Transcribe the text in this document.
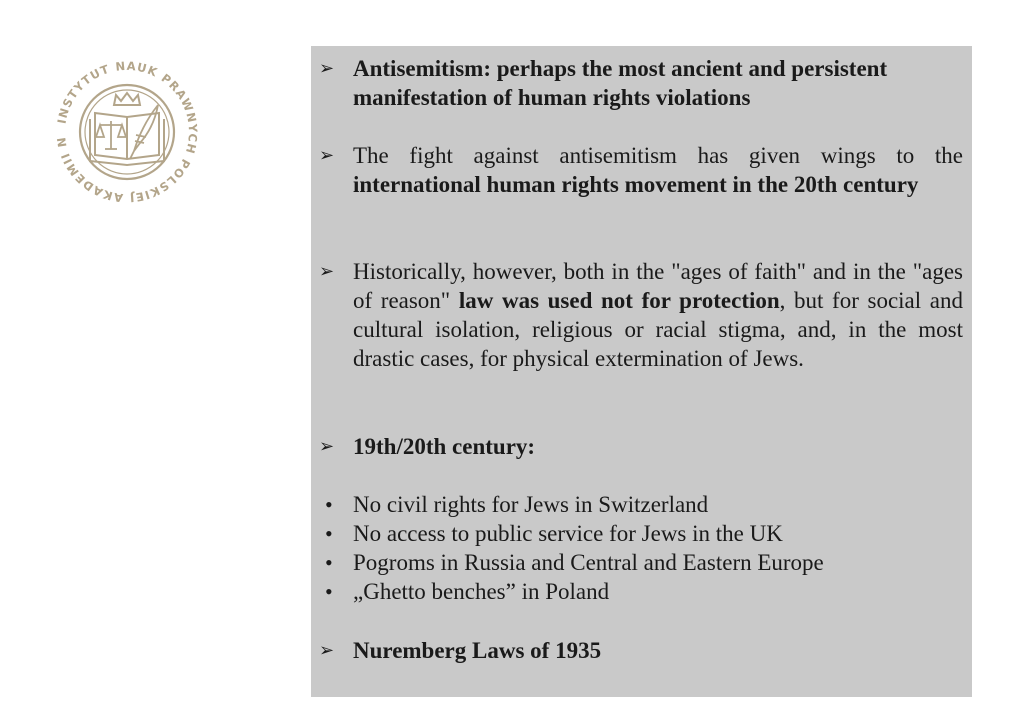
INSTYTUT NAUK PRAWNYCH POLSKIEJ AKADEMII N
➢ Antisemitism: perhaps the most ancient and persistent
manifestation of human rights violations
➢ The fight against antisemitism has given wings to the international human rights movement in the 20th century
➢ Historically, however, both in the "ages of faith" and in the "ages of reason" law was used not for protection, but for social and cultural isolation, religious or racial stigma, and, in the most drastic cases, for physical extermination of Jews.
➢ 19th/20th century:
• No civil rights for Jews in Switzerland
• No access to public service for Jews in the UK
• Pogroms in Russia and Central and Eastern Europe
• „Ghetto benches” in Poland
➢ Nuremberg Laws of 1935
